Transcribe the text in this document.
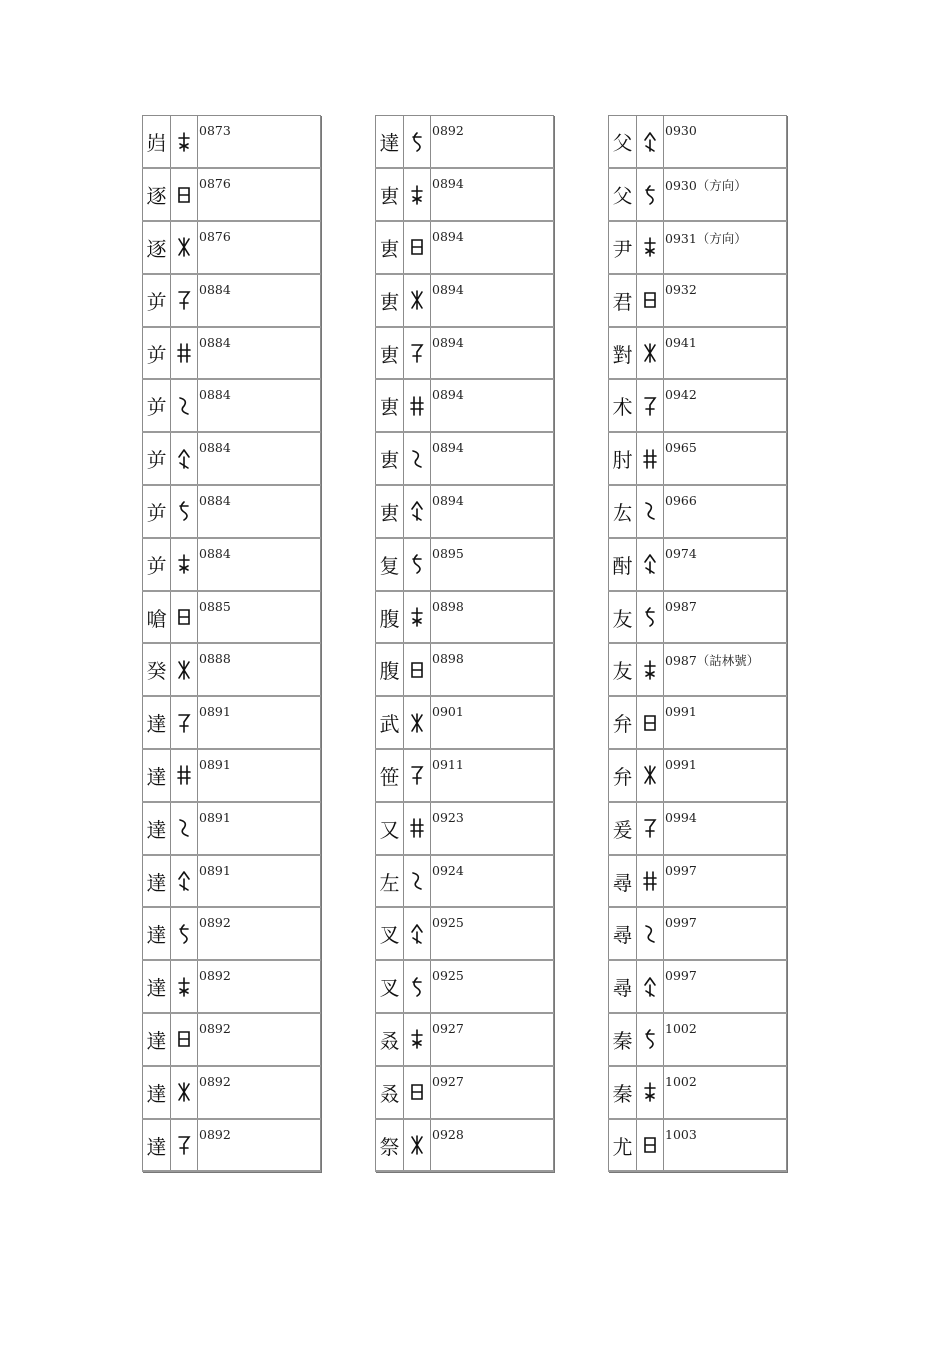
岿		0873
逐		0876
逐		0876
屰		0884
屰		0884
屰		0884
屰		0884
屰		0884
屰		0884
嗆		0885
癸		0888
達		0891
達		0891
達		0891
達		0891
達		0892
達		0892
達		0892
達		0892
達		0892
達		0892
叀		0894
叀		0894
叀		0894
叀		0894
叀		0894
叀		0894
叀		0894
复		0895
腹		0898
腹		0898
武		0901
笹		0911
又		0923
左		0924
叉		0925
叉		0925
叒		0927
叒		0927
祭		0928
父		0930
父		0930（方向）
尹		0931（方向）
君		0932
對		0941
术		0942
肘		0965
厷		0966
酎		0974
友		0987
友		0987（詁林號）
弁		0991
弁		0991
爰		0994
尋		0997
尋		0997
尋		0997
秦		1002
秦		1002
尤		1003
